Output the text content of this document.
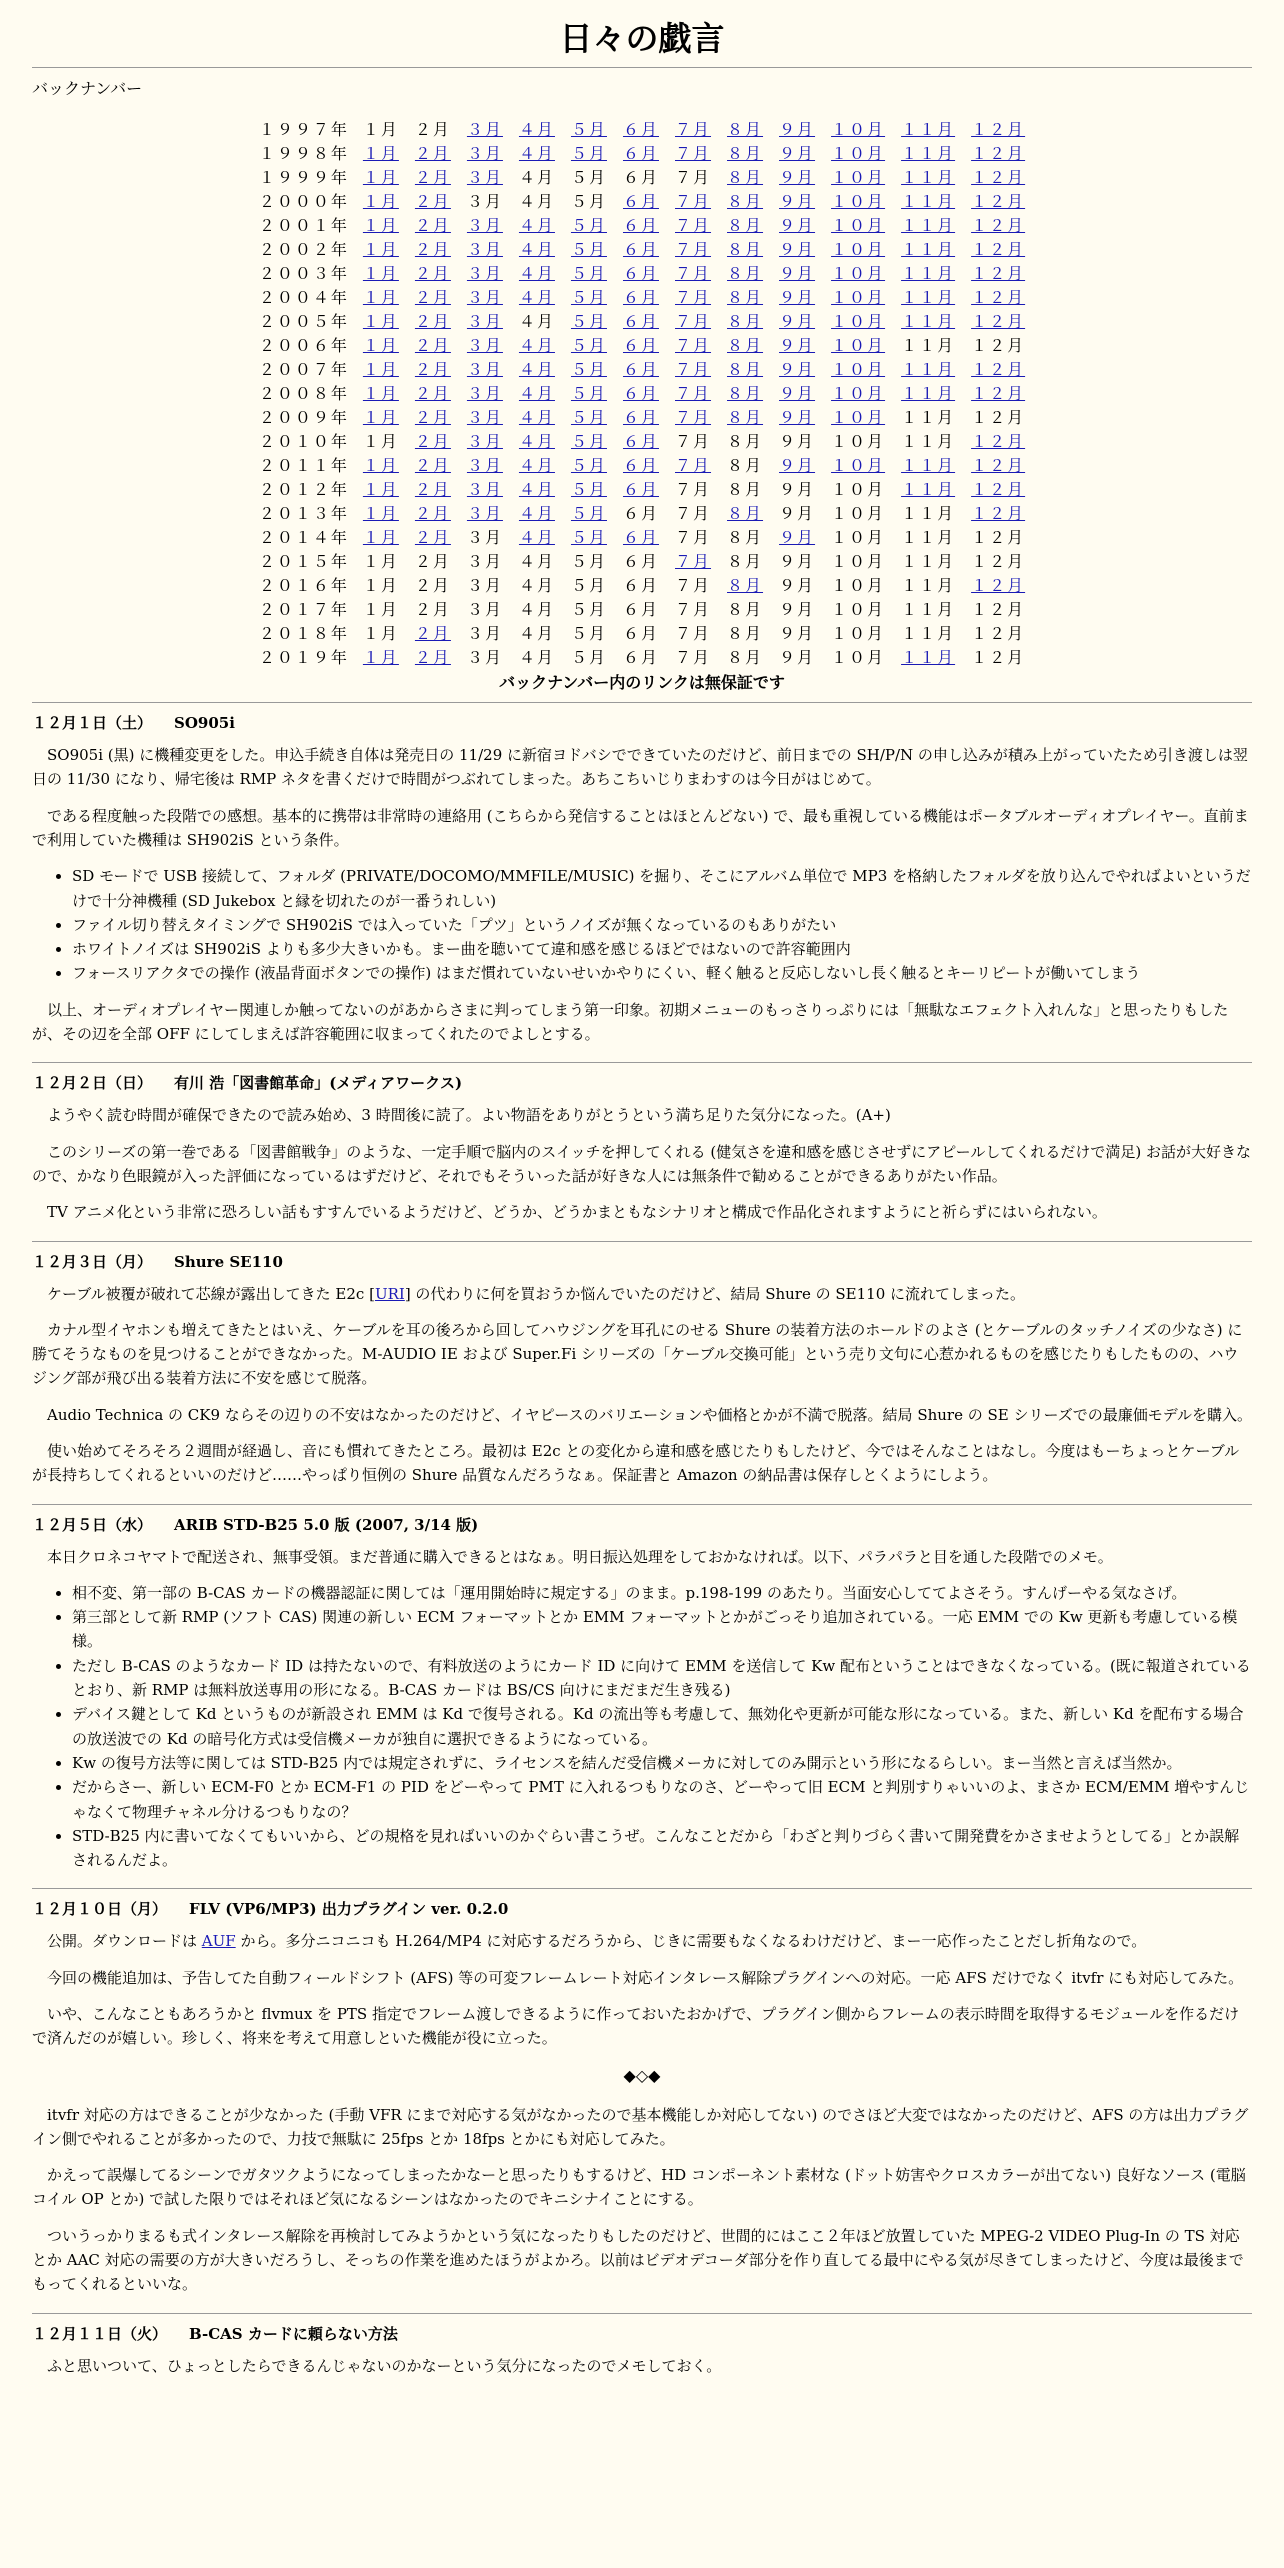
日々の戯言
バックナンバー
１９９７年	１月	２月	３月	４月	５月	６月	７月	８月	９月	１０月	１１月	１２月
１９９８年	１月	２月	３月	４月	５月	６月	７月	８月	９月	１０月	１１月	１２月
１９９９年	１月	２月	３月	４月	５月	６月	７月	８月	９月	１０月	１１月	１２月
２０００年	１月	２月	３月	４月	５月	６月	７月	８月	９月	１０月	１１月	１２月
２００１年	１月	２月	３月	４月	５月	６月	７月	８月	９月	１０月	１１月	１２月
２００２年	１月	２月	３月	４月	５月	６月	７月	８月	９月	１０月	１１月	１２月
２００３年	１月	２月	３月	４月	５月	６月	７月	８月	９月	１０月	１１月	１２月
２００４年	１月	２月	３月	４月	５月	６月	７月	８月	９月	１０月	１１月	１２月
２００５年	１月	２月	３月	４月	５月	６月	７月	８月	９月	１０月	１１月	１２月
２００６年	１月	２月	３月	４月	５月	６月	７月	８月	９月	１０月	１１月	１２月
２００７年	１月	２月	３月	４月	５月	６月	７月	８月	９月	１０月	１１月	１２月
２００８年	１月	２月	３月	４月	５月	６月	７月	８月	９月	１０月	１１月	１２月
２００９年	１月	２月	３月	４月	５月	６月	７月	８月	９月	１０月	１１月	１２月
２０１０年	１月	２月	３月	４月	５月	６月	７月	８月	９月	１０月	１１月	１２月
２０１１年	１月	２月	３月	４月	５月	６月	７月	８月	９月	１０月	１１月	１２月
２０１２年	１月	２月	３月	４月	５月	６月	７月	８月	９月	１０月	１１月	１２月
２０１３年	１月	２月	３月	４月	５月	６月	７月	８月	９月	１０月	１１月	１２月
２０１４年	１月	２月	３月	４月	５月	６月	７月	８月	９月	１０月	１１月	１２月
２０１５年	１月	２月	３月	４月	５月	６月	７月	８月	９月	１０月	１１月	１２月
２０１６年	１月	２月	３月	４月	５月	６月	７月	８月	９月	１０月	１１月	１２月
２０１７年	１月	２月	３月	４月	５月	６月	７月	８月	９月	１０月	１１月	１２月
２０１８年	１月	２月	３月	４月	５月	６月	７月	８月	９月	１０月	１１月	１２月
２０１９年	１月	２月	３月	４月	５月	６月	７月	８月	９月	１０月	１１月	１２月
バックナンバー内のリンクは無保証です
１２月１日（土） SO905i

SO905i (黒) に機種変更をした。申込手続き自体は発売日の 11/29 に新宿ヨドバシでできていたのだけど、前日までの SH/P/N の申し込みが積み上がっていたため引き渡しは翌日の 11/30 になり、帰宅後は RMP ネタを書くだけで時間がつぶれてしまった。あちこちいじりまわすのは今日がはじめて。

である程度触った段階での感想。基本的に携帯は非常時の連絡用 (こちらから発信することはほとんどない) で、最も重視している機能はポータブルオーディオプレイヤー。直前まで利用していた機種は SH902iS という条件。

• SD モードで USB 接続して、フォルダ (PRIVATE/DOCOMO/MMFILE/MUSIC) を掘り、そこにアルバム単位で MP3 を格納したフォルダを放り込んでやればよいというだけで十分神機種 (SD Jukebox と縁を切れたのが一番うれしい)
• ファイル切り替えタイミングで SH902iS では入っていた「プツ」というノイズが無くなっているのもありがたい
• ホワイトノイズは SH902iS よりも多少大きいかも。まー曲を聴いてて違和感を感じるほどではないので許容範囲内
• フォースリアクタでの操作 (液晶背面ボタンでの操作) はまだ慣れていないせいかやりにくい、軽く触ると反応しないし長く触るとキーリピートが働いてしまう

以上、オーディオプレイヤー関連しか触ってないのがあからさまに判ってしまう第一印象。初期メニューのもっさりっぷりには「無駄なエフェクト入れんな」と思ったりもしたが、その辺を全部 OFF にしてしまえば許容範囲に収まってくれたのでよしとする。

１２月２日（日） 有川 浩「図書館革命」(メディアワークス)

ようやく読む時間が確保できたので読み始め、3 時間後に読了。よい物語をありがとうという満ち足りた気分になった。(A+)

このシリーズの第一巻である「図書館戦争」のような、一定手順で脳内のスイッチを押してくれる (健気さを違和感を感じさせずにアピールしてくれるだけで満足) お話が大好きなので、かなり色眼鏡が入った評価になっているはずだけど、それでもそういった話が好きな人には無条件で勧めることができるありがたい作品。

TV アニメ化という非常に恐ろしい話もすすんでいるようだけど、どうか、どうかまともなシナリオと構成で作品化されますようにと祈らずにはいられない。

１２月３日（月） Shure SE110

ケーブル被覆が破れて芯線が露出してきた E2c [URI] の代わりに何を買おうか悩んでいたのだけど、結局 Shure の SE110 に流れてしまった。

カナル型イヤホンも増えてきたとはいえ、ケーブルを耳の後ろから回してハウジングを耳孔にのせる Shure の装着方法のホールドのよさ (とケーブルのタッチノイズの少なさ) に勝てそうなものを見つけることができなかった。M-AUDIO IE および Super.Fi シリーズの「ケーブル交換可能」という売り文句に心惹かれるものを感じたりもしたものの、ハウジング部が飛び出る装着方法に不安を感じて脱落。

Audio Technica の CK9 ならその辺りの不安はなかったのだけど、イヤピースのバリエーションや価格とかが不満で脱落。結局 Shure の SE シリーズでの最廉価モデルを購入。

使い始めてそろそろ２週間が経過し、音にも慣れてきたところ。最初は E2c との変化から違和感を感じたりもしたけど、今ではそんなことはなし。今度はもーちょっとケーブルが長持ちしてくれるといいのだけど……やっぱり恒例の Shure 品質なんだろうなぁ。保証書と Amazon の納品書は保存しとくようにしよう。

１２月５日（水） ARIB STD-B25 5.0 版 (2007, 3/14 版)

本日クロネコヤマトで配送され、無事受領。まだ普通に購入できるとはなぁ。明日振込処理をしておかなければ。以下、パラパラと目を通した段階でのメモ。

• 相不変、第一部の B-CAS カードの機器認証に関しては「運用開始時に規定する」のまま。p.198-199 のあたり。当面安心しててよさそう。すんげーやる気なさげ。
• 第三部として新 RMP (ソフト CAS) 関連の新しい ECM フォーマットとか EMM フォーマットとかがごっそり追加されている。一応 EMM での Kw 更新も考慮している模様。
• ただし B-CAS のようなカード ID は持たないので、有料放送のようにカード ID に向けて EMM を送信して Kw 配布ということはできなくなっている。(既に報道されているとおり、新 RMP は無料放送専用の形になる。B-CAS カードは BS/CS 向けにまだまだ生き残る)
• デバイス鍵として Kd というものが新設され EMM は Kd で復号される。Kd の流出等も考慮して、無効化や更新が可能な形になっている。また、新しい Kd を配布する場合の放送波での Kd の暗号化方式は受信機メーカが独自に選択できるようになっている。
• Kw の復号方法等に関しては STD-B25 内では規定されずに、ライセンスを結んだ受信機メーカに対してのみ開示という形になるらしい。まー当然と言えば当然か。
• だからさー、新しい ECM-F0 とか ECM-F1 の PID をどーやって PMT に入れるつもりなのさ、どーやって旧 ECM と判別すりゃいいのよ、まさか ECM/EMM 増やすんじゃなくて物理チャネル分けるつもりなの？
• STD-B25 内に書いてなくてもいいから、どの規格を見ればいいのかぐらい書こうぜ。こんなことだから「わざと判りづらく書いて開発費をかさませようとしてる」とか誤解されるんだよ。
１２月１０日（月） FLV (VP6/MP3) 出力プラグイン ver. 0.2.0

公開。ダウンロードは AUF から。多分ニコニコも H.264/MP4 に対応するだろうから、じきに需要もなくなるわけだけど、まー一応作ったことだし折角なので。

今回の機能追加は、予告してた自動フィールドシフト (AFS) 等の可変フレームレート対応インタレース解除プラグインへの対応。一応 AFS だけでなく itvfr にも対応してみた。

いや、こんなこともあろうかと flvmux を PTS 指定でフレーム渡しできるように作っておいたおかげで、プラグイン側からフレームの表示時間を取得するモジュールを作るだけで済んだのが嬉しい。珍しく、将来を考えて用意しといた機能が役に立った。

◆◇◆

itvfr 対応の方はできることが少なかった (手動 VFR にまで対応する気がなかったので基本機能しか対応してない) のでさほど大変ではなかったのだけど、AFS の方は出力プラグイン側でやれることが多かったので、力技で無駄に 25fps とか 18fps とかにも対応してみた。

かえって誤爆してるシーンでガタツクようになってしまったかなーと思ったりもするけど、HD コンポーネント素材な (ドット妨害やクロスカラーが出てない) 良好なソース (電脳コイル OP とか) で試した限りではそれほど気になるシーンはなかったのでキニシナイことにする。

ついうっかりまるも式インタレース解除を再検討してみようかという気になったりもしたのだけど、世間的にはここ２年ほど放置していた MPEG-2 VIDEO Plug-In の TS 対応とか AAC 対応の需要の方が大きいだろうし、そっちの作業を進めたほうがよかろ。以前はビデオデコーダ部分を作り直してる最中にやる気が尽きてしまったけど、今度は最後までもってくれるといいな。

１２月１１日（火） B-CAS カードに頼らない方法

ふと思いついて、ひょっとしたらできるんじゃないのかなーという気分になったのでメモしておく。
